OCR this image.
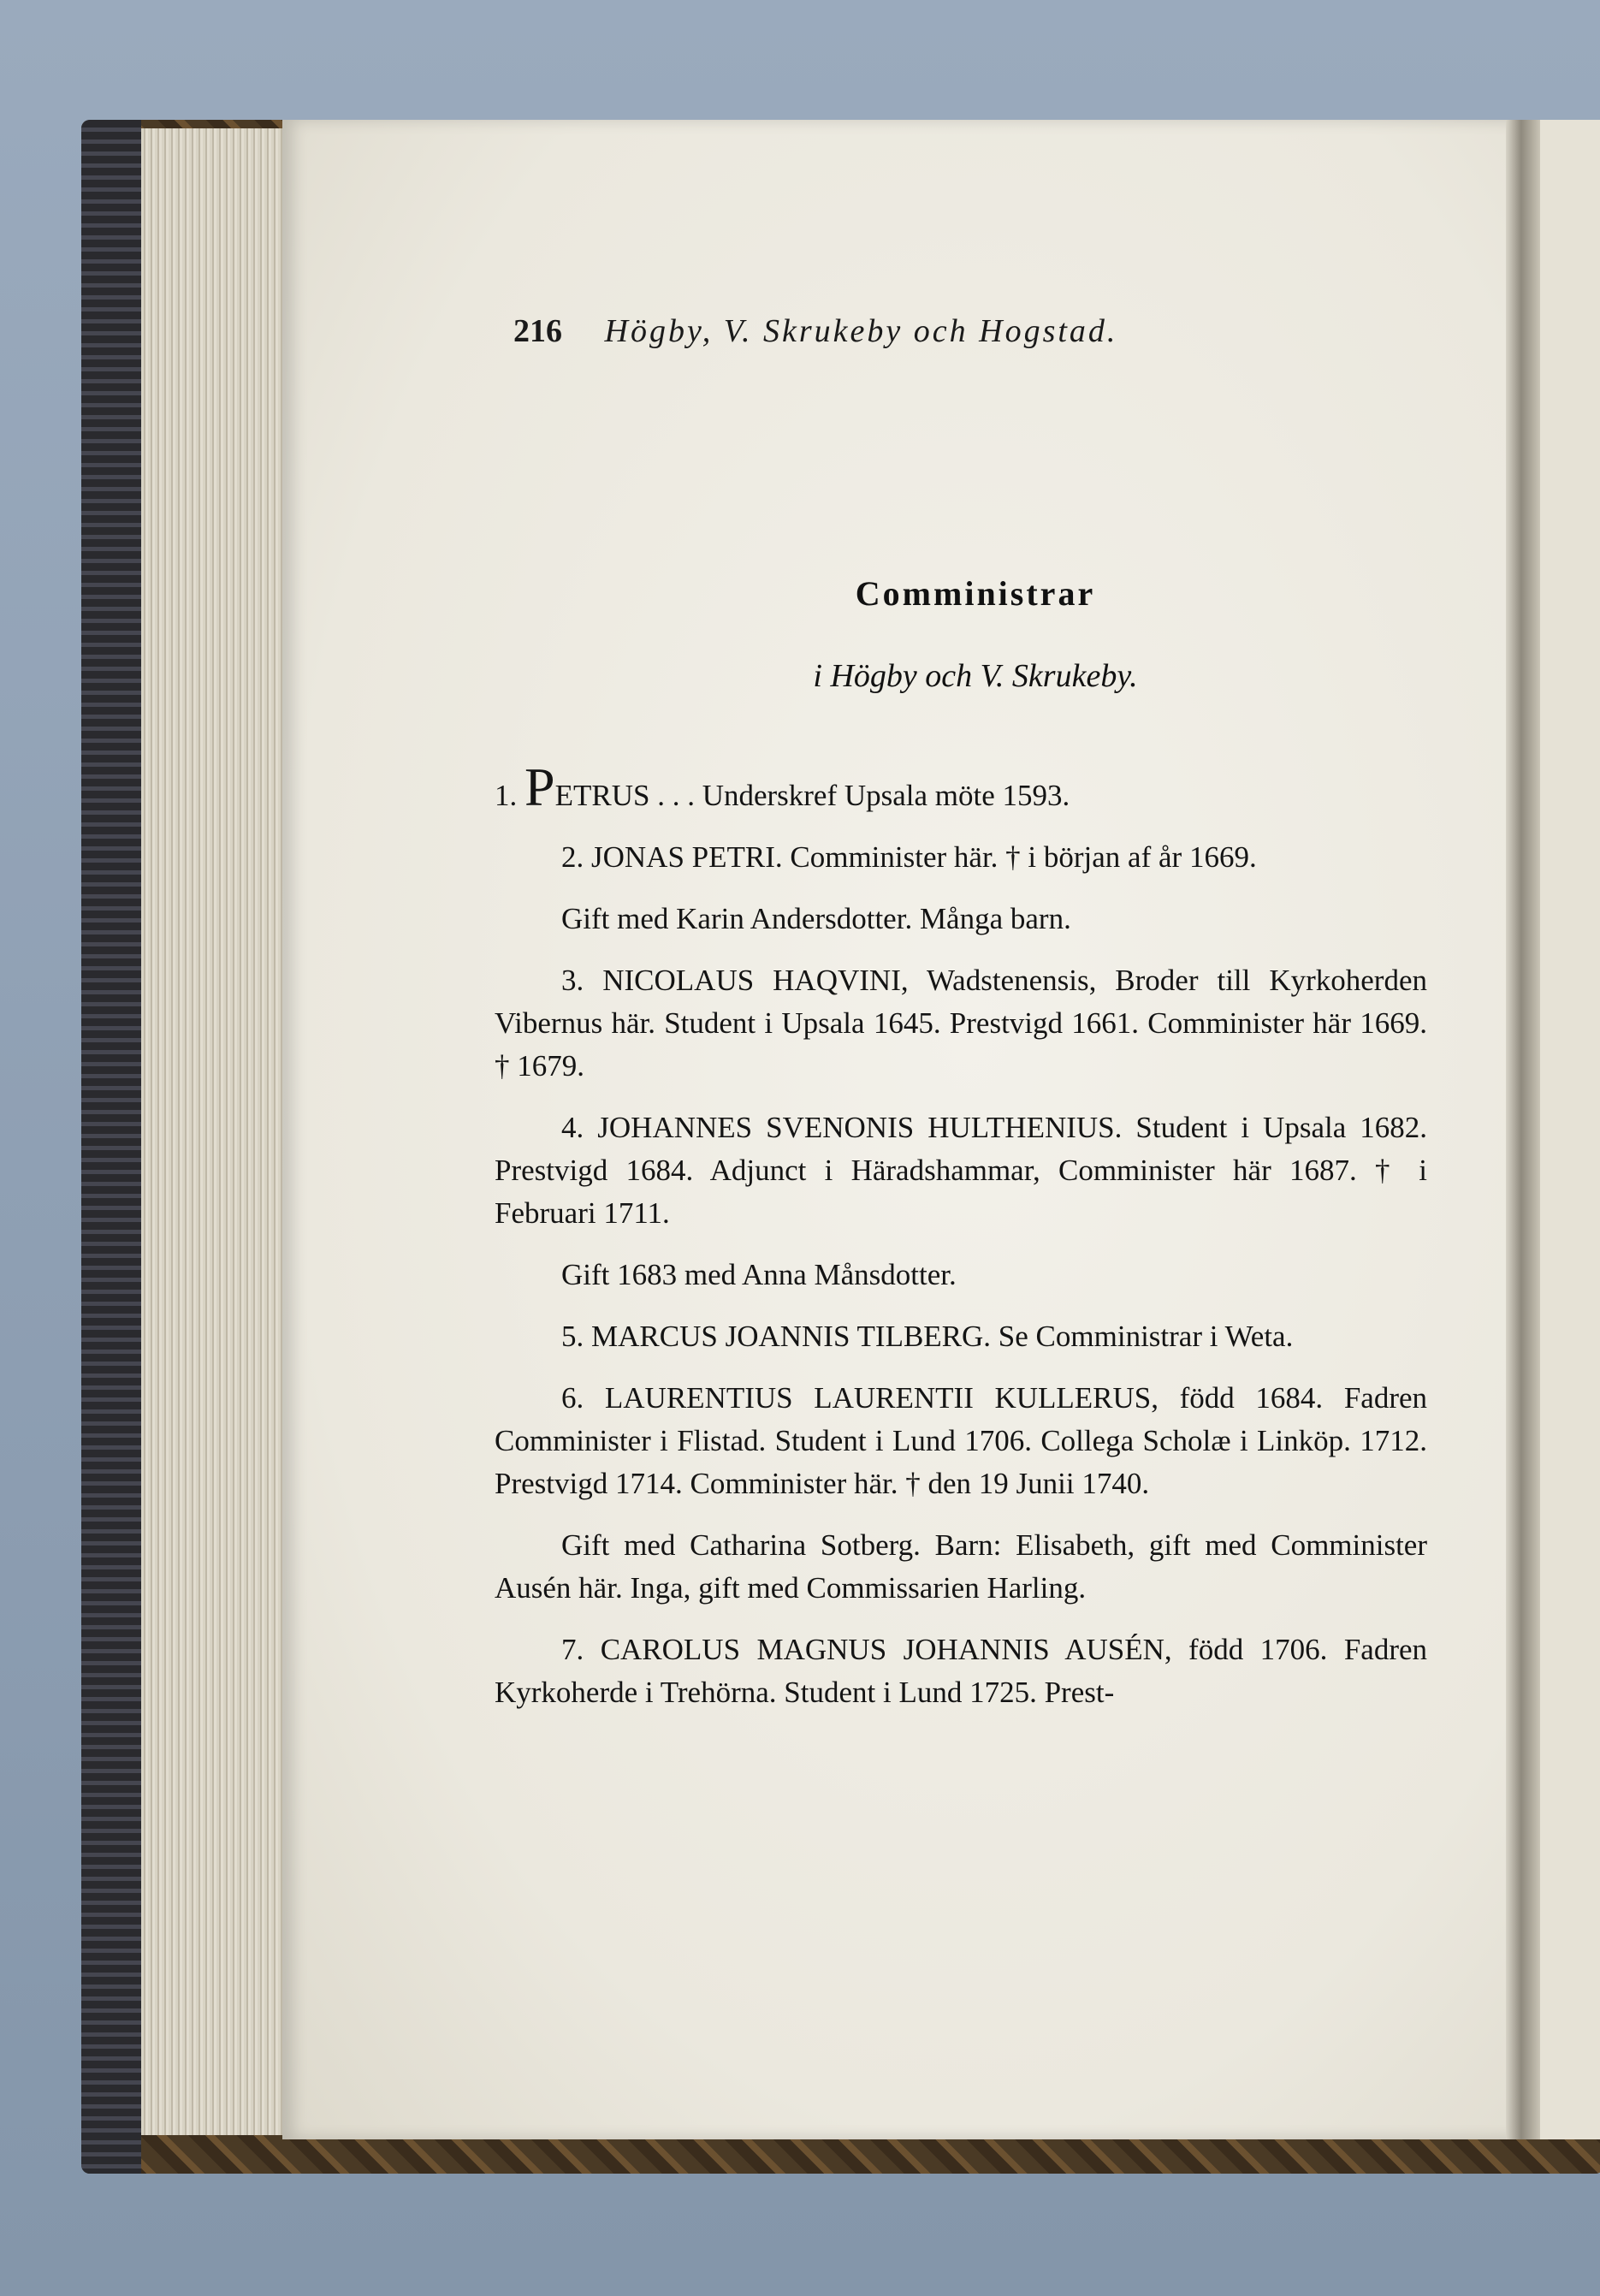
216 Högby, V. Skrukeby och Hogstad.
Comministrar
i Högby och V. Skrukeby.

1. PETRUS . . . Underskref Upsala möte 1593.

2. JONAS PETRI. Comminister här. † i början af år 1669.

Gift med Karin Andersdotter. Många barn.

3. NICOLAUS HAQVINI, Wadstenensis, Broder till Kyrkoherden Vibernus här. Student i Upsala 1645. Prestvigd 1661. Comminister här 1669. † 1679.

4. JOHANNES SVENONIS HULTHENIUS. Student i Upsala 1682. Prestvigd 1684. Adjunct i Häradshammar, Comminister här 1687. † i Februari 1711.

Gift 1683 med Anna Månsdotter.

5. MARCUS JOANNIS TILBERG. Se Comministrar i Weta.

6. LAURENTIUS LAURENTII KULLERUS, född 1684. Fadren Comminister i Flistad. Student i Lund 1706. Collega Scholæ i Linköp. 1712. Prestvigd 1714. Comminister här. † den 19 Junii 1740.

Gift med Catharina Sotberg. Barn: Elisabeth, gift med Comminister Ausén här. Inga, gift med Commissarien Harling.

7. CAROLUS MAGNUS JOHANNIS AUSÉN, född 1706. Fadren Kyrkoherde i Trehörna. Student i Lund 1725. Prest-
